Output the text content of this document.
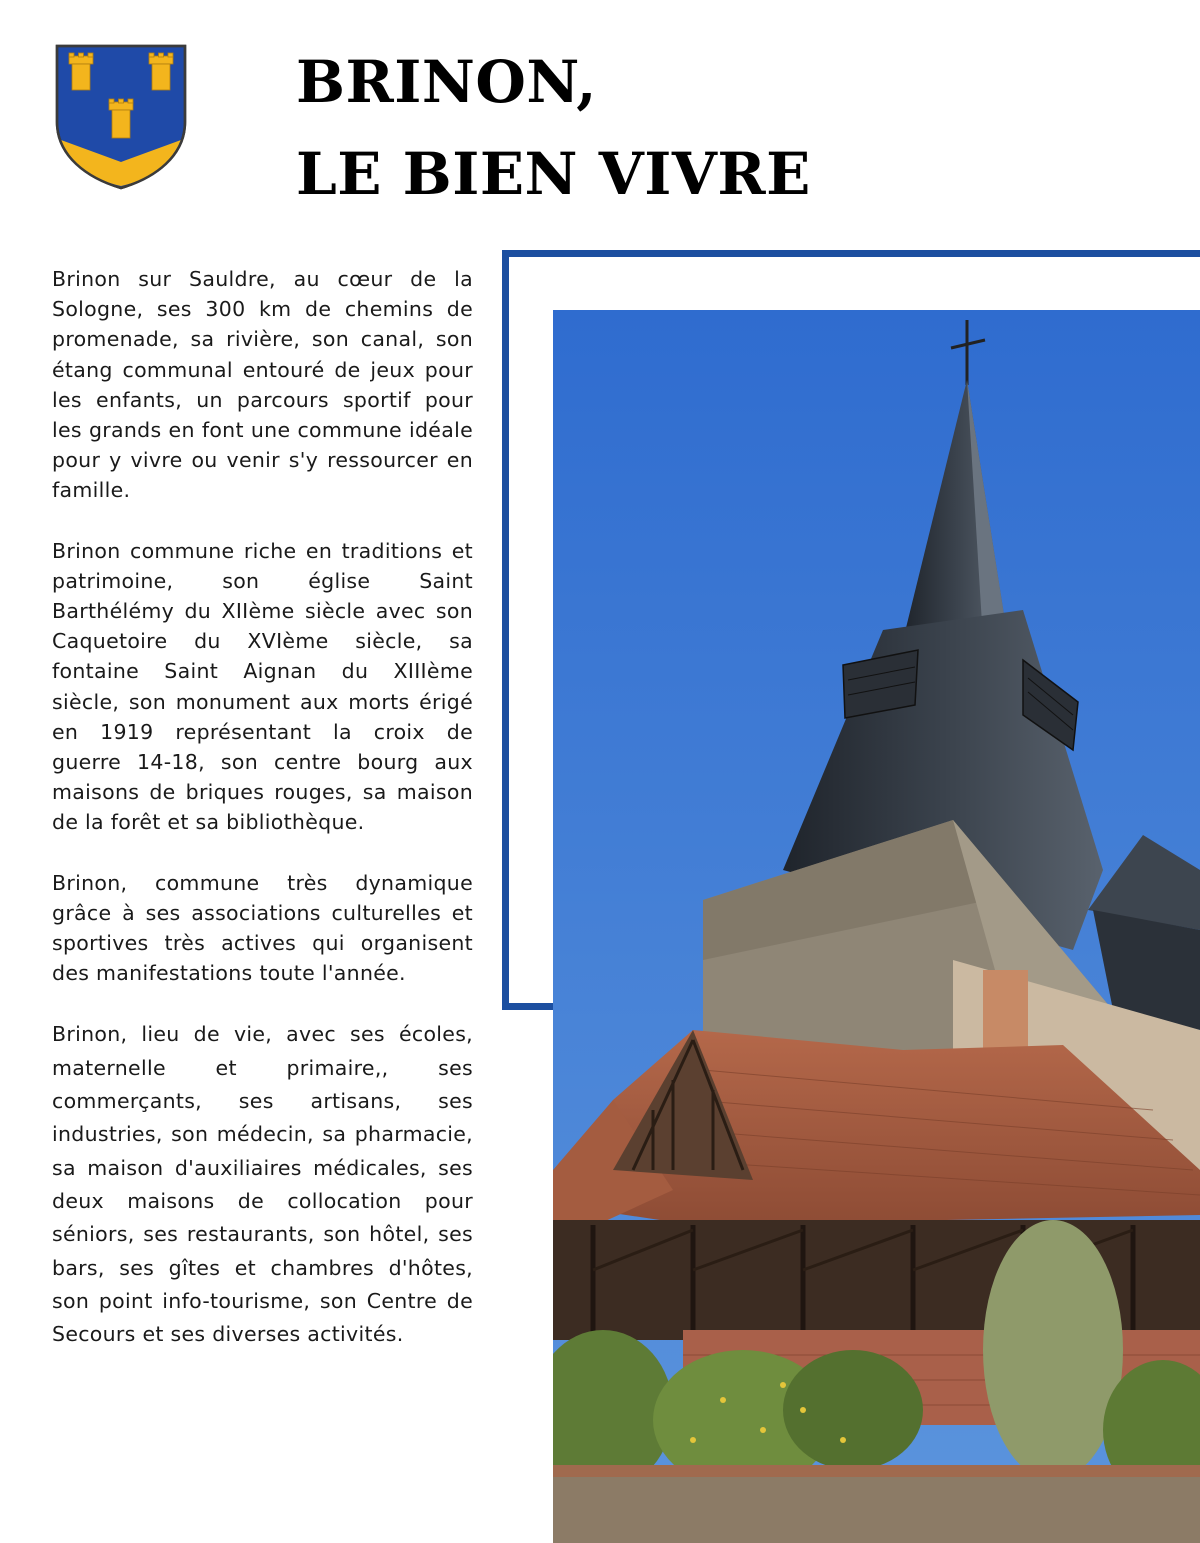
BRINON,
LE BIEN VIVRE

Brinon sur Sauldre, au cœur de la Sologne, ses 300 km de chemins de promenade, sa rivière, son canal, son étang communal entouré de jeux pour les enfants, un parcours sportif pour les grands en font une commune idéale pour y vivre ou venir s'y ressourcer en famille.

Brinon commune riche en traditions et patrimoine, son église Saint Barthélémy du XIIème siècle avec son Caquetoire du XVIème siècle, sa fontaine Saint Aignan du XIIIème siècle, son monument aux morts érigé en 1919 représentant la croix de guerre 14-18, son centre bourg aux maisons de briques rouges, sa maison de la forêt et sa bibliothèque.

Brinon, commune très dynamique grâce à ses associations culturelles et sportives très actives qui organisent des manifestations toute l'année.

Brinon, lieu de vie, avec ses écoles, maternelle et primaire,, ses commerçants, ses artisans, ses industries, son médecin, sa pharmacie, sa maison d'auxiliaires médicales, ses deux maisons de collocation pour séniors, ses restaurants, son hôtel, ses bars, ses gîtes et chambres d'hôtes, son point info-tourisme, son Centre de Secours et ses diverses activités.
